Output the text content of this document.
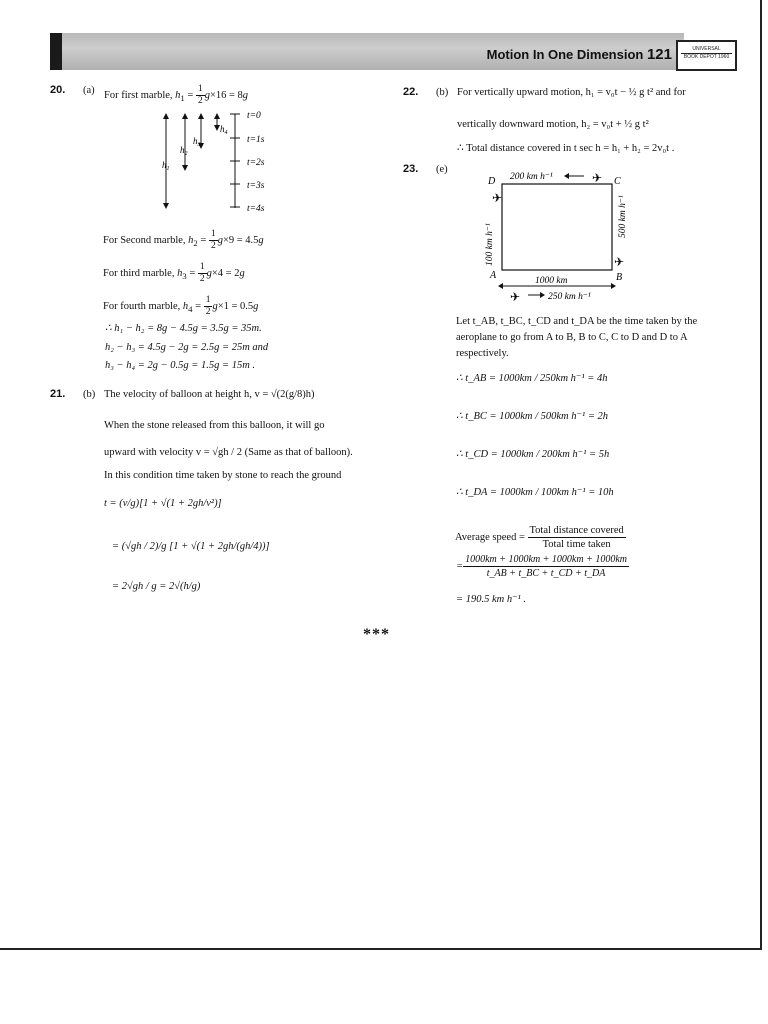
Motion In One Dimension 121	UNIVERSAL
BOOK DEPOT 1960
20. (a) For first marble, $h_1 = \frac{1}{2} g\times 16 = 8g$
$h_4$
$h_3$
$h_2$
$h_1$
t=0
t=1s
t=2s
t=3s
t=4s
For Second marble, $h_2 = \frac{1}{2} g\times 9 = 4.5g$
For third marble, $h_3 = \frac{1}{2} g\times 4 = 2g$
For fourth marble, $h_4 = \frac{1}{2} g\times 1 = 0.5g$
∴ h₁ − h₂ = 8g − 4.5g = 3.5g = 35m.
h₂ − h₃ = 4.5g − 2g = 2.5g = 25m and
h₃ − h₄ = 2g − 0.5g = 1.5g = 15m .
21. (b) The velocity of balloon at height h, v = √(2(g/8)h)
When the stone released from this balloon, it will go
upward with velocity v = √gh / 2 (Same as that of balloon).
In this condition time taken by stone to reach the ground
t = (v/g)[1 + √(1 + 2gh/v²)]
= (√gh / 2)/g [1 + √(1 + 2gh/(gh/4))]
= 2√gh / g = 2√(h/g)
22. (b) For vertically upward motion, h₁ = v₀t − ½ g t² and for
vertically downward motion, h₂ = v₀t + ½ g t²
∴ Total distance covered in t sec h = h₁ + h₂ = 2v₀t .
23. (e)
✈
✈
✈
✈
D	C
A	B
200 km h⁻¹
1000 km
250 km h⁻¹
500 km h⁻¹
100 km h⁻¹
Let t_AB, t_BC, t_CD and t_DA be the time taken by the
aeroplane to go from A to B, B to C, C to D and D to A
respectively.
∴ t_AB = 1000km / 250km h⁻¹ = 4h
∴ t_BC = 1000km / 500km h⁻¹ = 2h
∴ t_CD = 1000km / 200km h⁻¹ = 5h
∴ t_DA = 1000km / 100km h⁻¹ = 10h
Average speed = $\frac{\text{Total distance covered}}{\text{Total time taken}}$
= $\frac{1000km + 1000km + 1000km + 1000km}{t\_AB + t\_BC + t\_CD + t\_DA}$
= 190.5 km h⁻¹ .
***
